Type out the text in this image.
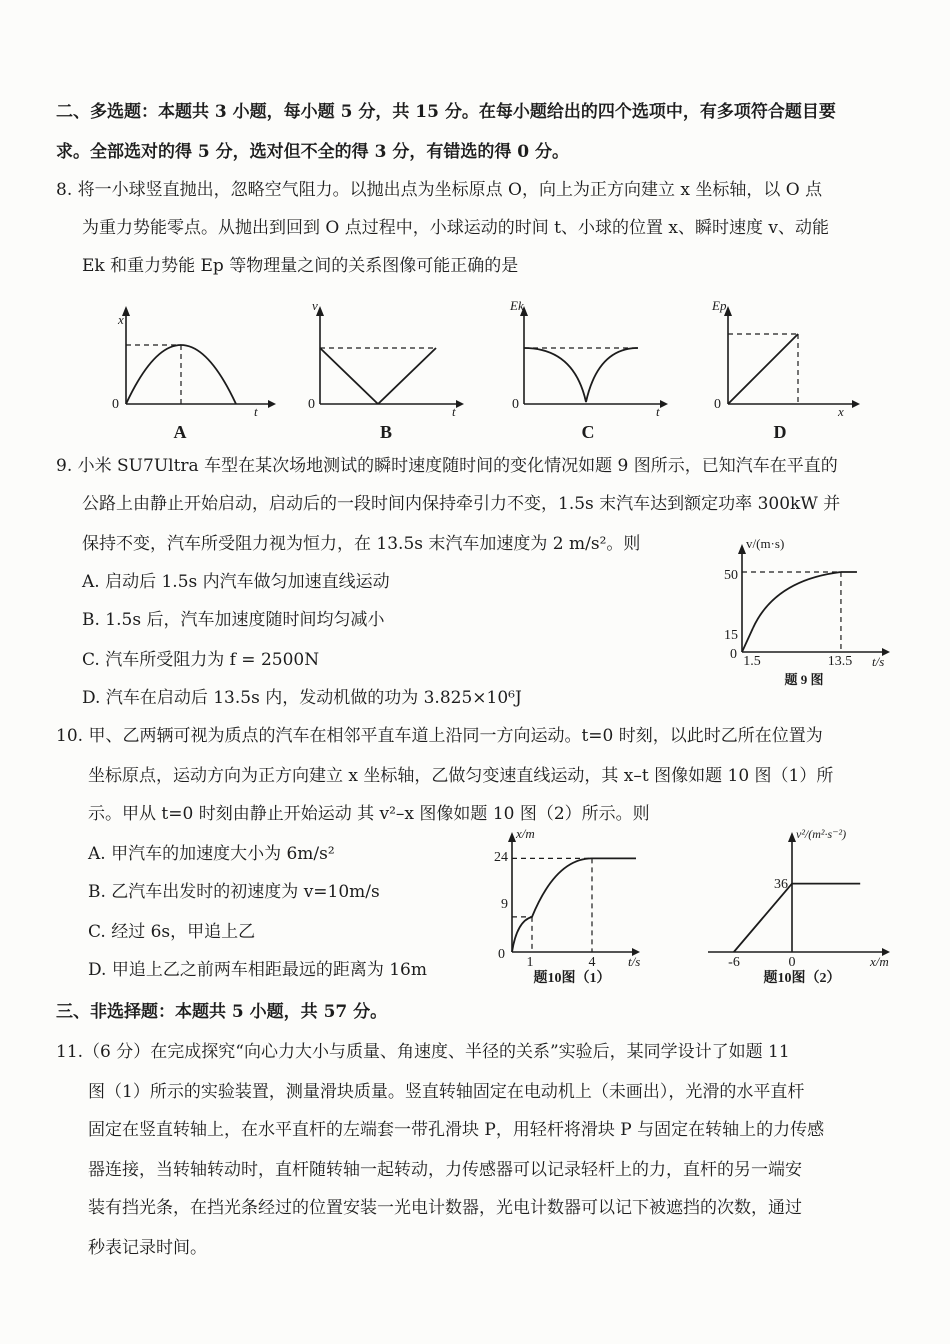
二、多选题：本题共 3 小题，每小题 5 分，共 15 分。在每小题给出的四个选项中，有多项符合题目要
求。全部选对的得 5 分，选对但不全的得 3 分，有错选的得 0 分。
8. 将一小球竖直抛出，忽略空气阻力。以抛出点为坐标原点 O，向上为正方向建立 x 坐标轴，以 O 点
为重力势能零点。从抛出到回到 O 点过程中，小球运动的时间 t、小球的位置 x、瞬时速度 v、动能
Ek 和重力势能 Ep 等物理量之间的关系图像可能正确的是
x
t
0
A
v
t
0
B
Ek
t
0
C
Ep
x
0
D
9. 小米 SU7Ultra 车型在某次场地测试的瞬时速度随时间的变化情况如题 9 图所示，已知汽车在平直的
公路上由静止开始启动，启动后的一段时间内保持牵引力不变，1.5s 末汽车达到额定功率 300kW 并
保持不变，汽车所受阻力视为恒力，在 13.5s 末汽车加速度为 2 m/s²。则
A. 启动后 1.5s 内汽车做匀加速直线运动
B. 1.5s 后，汽车加速度随时间均匀减小
C. 汽车所受阻力为 f = 2500N
D. 汽车在启动后 13.5s 内，发动机做的功为 3.825×10⁶J
v/(m·s)
t/s
0
50
15
1.5	13.5
题 9 图
10. 甲、乙两辆可视为质点的汽车在相邻平直车道上沿同一方向运动。t=0 时刻，以此时乙所在位置为
坐标原点，运动方向为正方向建立 x 坐标轴，乙做匀变速直线运动，其 x–t 图像如题 10 图（1）所
示。甲从 t=0 时刻由静止开始运动 其 v²–x 图像如题 10 图（2）所示。则
A. 甲汽车的加速度大小为 6m/s²
B. 乙汽车出发时的初速度为 v=10m/s
C. 经过 6s，甲追上乙
D. 甲追上乙之前两车相距最远的距离为 16m
x/m
t/s
0
24
9
1	4
题10图（1）
v²/(m²·s⁻²)
x/m
36
-6	0
题10图（2）
三、非选择题：本题共 5 小题，共 57 分。
11.（6 分）在完成探究“向心力大小与质量、角速度、半径的关系”实验后，某同学设计了如题 11
图（1）所示的实验装置，测量滑块质量。竖直转轴固定在电动机上（未画出），光滑的水平直杆
固定在竖直转轴上，在水平直杆的左端套一带孔滑块 P，用轻杆将滑块 P 与固定在转轴上的力传感
器连接，当转轴转动时，直杆随转轴一起转动，力传感器可以记录轻杆上的力，直杆的另一端安
装有挡光条，在挡光条经过的位置安装一光电计数器，光电计数器可以记下被遮挡的次数，通过
秒表记录时间。
